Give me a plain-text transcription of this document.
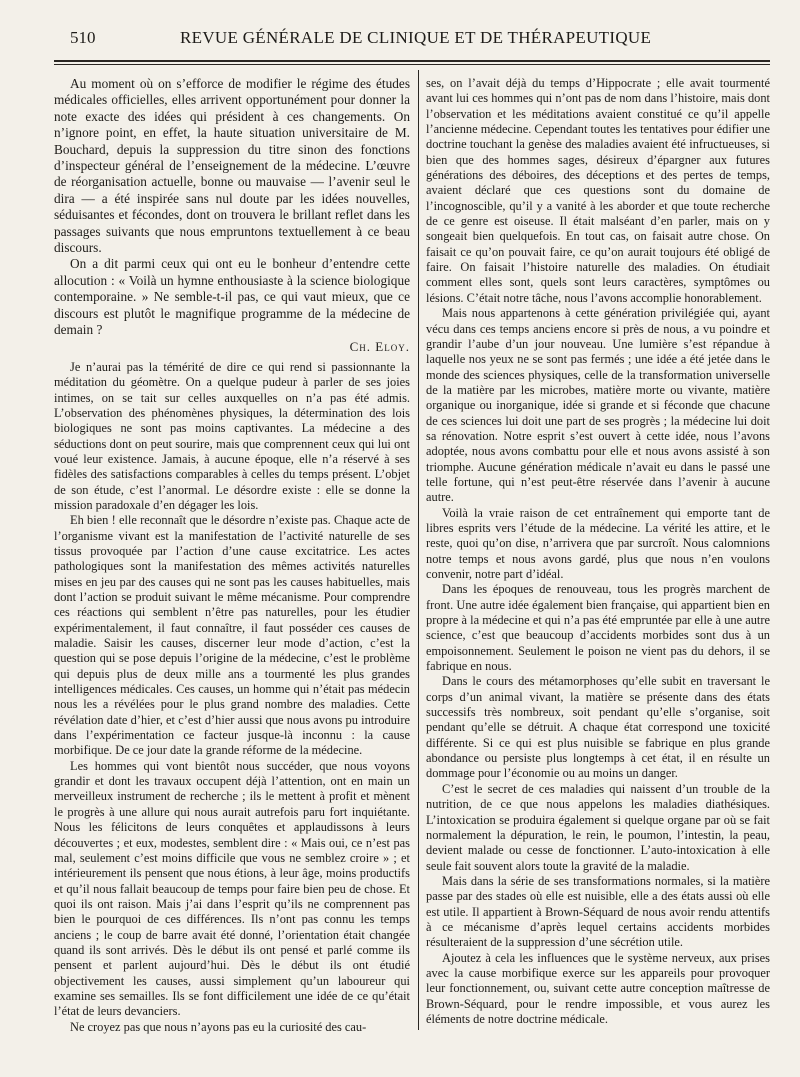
510	REVUE GÉNÉRALE DE CLINIQUE ET DE THÉRAPEUTIQUE

Au moment où on s’efforce de modifier le régime des études médicales officielles, elles arrivent opportunément pour donner la note exacte des idées qui président à ces changements. On n’ignore point, en effet, la haute situation universitaire de M. Bouchard, depuis la suppression du titre sinon des fonctions d’inspecteur général de l’enseignement de la médecine. L’œuvre de réorganisation actuelle, bonne ou mauvaise — l’avenir seul le dira — a été inspirée sans nul doute par les idées nouvelles, séduisantes et fécondes, dont on trouvera le brillant reflet dans les passages suivants que nous empruntons textuellement à ce beau discours.

On a dit parmi ceux qui ont eu le bonheur d’entendre cette allocution : « Voilà un hymne enthousiaste à la science biologique contemporaine. » Ne semble-t-il pas, ce qui vaut mieux, que ce discours est plutôt le magnifique programme de la médecine de demain ?

Ch. Eloy.

Je n’aurai pas la témérité de dire ce qui rend si passionnante la méditation du géomètre. On a quelque pudeur à parler de ses joies intimes, on se tait sur celles auxquelles on n’a pas été admis. L’observation des phénomènes physiques, la détermination des lois biologiques ne sont pas moins captivantes. La médecine a des séductions dont on peut sourire, mais que comprennent ceux qui lui ont voué leur existence. Jamais, à aucune époque, elle n’a réservé à ses fidèles des satisfactions comparables à celles du temps présent. L’objet de son étude, c’est l’anormal. Le désordre existe : elle se donne la mission paradoxale d’en dégager les lois.

Eh bien ! elle reconnaît que le désordre n’existe pas. Chaque acte de l’organisme vivant est la manifestation de l’activité naturelle de ses tissus provoquée par l’action d’une cause excitatrice. Les actes pathologiques sont la manifestation des mêmes activités naturelles mises en jeu par des causes qui ne sont pas les causes habituelles, mais dont l’action se produit suivant le même mécanisme. Pour comprendre ces réactions qui semblent n’être pas naturelles, pour les étudier expérimentalement, il faut connaître, il faut posséder ces causes de maladie. Saisir les causes, discerner leur mode d’action, c’est la question qui se pose depuis l’origine de la médecine, c’est le problème qui depuis plus de deux mille ans a tourmenté les plus grandes intelligences médicales. Ces causes, un homme qui n’était pas médecin nous les a révélées pour le plus grand nombre des maladies. Cette révélation date d’hier, et c’est d’hier aussi que nous avons pu introduire dans l’expérimentation ce facteur jusque-là inconnu : la cause morbifique. De ce jour date la grande réforme de la médecine.

Les hommes qui vont bientôt nous succéder, que nous voyons grandir et dont les travaux occupent déjà l’attention, ont en main un merveilleux instrument de recherche ; ils le mettent à profit et mènent le progrès à une allure qui nous aurait autrefois paru fort inquiétante. Nous les félicitons de leurs conquêtes et applaudissons à leurs découvertes ; et eux, modestes, semblent dire : « Mais oui, ce n’est pas mal, seulement c’est moins difficile que vous ne semblez croire » ; et intérieurement ils pensent que nous étions, à leur âge, moins productifs et qu’il nous fallait beaucoup de temps pour faire bien peu de chose. Et quoi ils ont raison. Mais j’ai dans l’esprit qu’ils ne comprennent pas bien le pourquoi de ces différences. Ils n’ont pas connu les temps anciens ; le coup de barre avait été donné, l’orientation était changée quand ils sont arrivés. Dès le début ils ont pensé et parlé comme ils pensent et parlent aujourd’hui. Dès le début ils ont étudié objectivement les causes, aussi simplement qu’un laboureur qui examine ses semailles. Ils se font difficilement une idée de ce qu’était l’état de leurs devanciers.

Ne croyez pas que nous n’ayons pas eu la curiosité des cau-

ses, on l’avait déjà du temps d’Hippocrate ; elle avait tourmenté avant lui ces hommes qui n’ont pas de nom dans l’histoire, mais dont l’observation et les méditations avaient constitué ce qu’il appelle l’ancienne médecine. Cependant toutes les tentatives pour édifier une doctrine touchant la genèse des maladies avaient été infructueuses, si bien que des hommes sages, désireux d’épargner aux futures générations des déboires, des déceptions et des pertes de temps, avaient déclaré que ces questions sont du domaine de l’incognoscible, qu’il y a vanité à les aborder et que toute recherche de ce genre est oiseuse. Il était malséant d’en parler, mais on y songeait bien quelquefois. En tout cas, on faisait autre chose. On faisait ce qu’on pouvait faire, ce qu’on aurait toujours été obligé de faire. On faisait l’histoire naturelle des maladies. On étudiait comment elles sont, quels sont leurs caractères, symptômes ou lésions. C’était notre tâche, nous l’avons accomplie honorablement.

Mais nous appartenons à cette génération privilégiée qui, ayant vécu dans ces temps anciens encore si près de nous, a vu poindre et grandir l’aube d’un jour nouveau. Une lumière s’est répandue à laquelle nos yeux ne se sont pas fermés ; une idée a été jetée dans le monde des sciences physiques, celle de la transformation universelle de la matière par les microbes, matière morte ou vivante, matière organique ou inorganique, idée si grande et si féconde que chacune de ces sciences lui doit une part de ses progrès ; la médecine lui doit sa rénovation. Notre esprit s’est ouvert à cette idée, nous l’avons adoptée, nous avons combattu pour elle et nous avons assisté à son triomphe. Aucune génération médicale n’avait eu dans le passé une telle fortune, qui n’est peut-être réservée dans l’avenir à aucune autre.

Voilà la vraie raison de cet entraînement qui emporte tant de libres esprits vers l’étude de la médecine. La vérité les attire, et le reste, quoi qu’on dise, n’arrivera que par surcroît. Nous calomnions notre temps et nous avons gardé, plus que nous n’en voulons convenir, notre part d’idéal.

Dans les époques de renouveau, tous les progrès marchent de front. Une autre idée également bien française, qui appartient bien en propre à la médecine et qui n’a pas été empruntée par elle à une autre science, c’est que beaucoup d’accidents morbides sont dus à un empoisonnement. Seulement le poison ne vient pas du dehors, il se fabrique en nous.

Dans le cours des métamorphoses qu’elle subit en traversant le corps d’un animal vivant, la matière se présente dans des états successifs très nombreux, soit pendant qu’elle s’organise, soit pendant qu’elle se détruit. A chaque état correspond une toxicité différente. Si ce qui est plus nuisible se fabrique en plus grande abondance ou persiste plus longtemps à cet état, il en résulte un dommage pour l’économie ou au moins un danger.

C’est le secret de ces maladies qui naissent d’un trouble de la nutrition, de ce que nous appelons les maladies diathésiques. L’intoxication se produira également si quelque organe par où se fait normalement la dépuration, le rein, le poumon, l’intestin, la peau, devient malade ou cesse de fonctionner. L’auto-intoxication à elle seule fait souvent alors toute la gravité de la maladie.

Mais dans la série de ses transformations normales, si la matière passe par des stades où elle est nuisible, elle a des états aussi où elle est utile. Il appartient à Brown-Séquard de nous avoir rendu attentifs à ce mécanisme d’après lequel certains accidents morbides résulteraient de la suppression d’une sécrétion utile.

Ajoutez à cela les influences que le système nerveux, aux prises avec la cause morbifique exerce sur les appareils pour provoquer leur fonctionnement, ou, suivant cette autre conception maîtresse de Brown-Séquard, pour le rendre impossible, et vous aurez les éléments de notre doctrine médicale.
